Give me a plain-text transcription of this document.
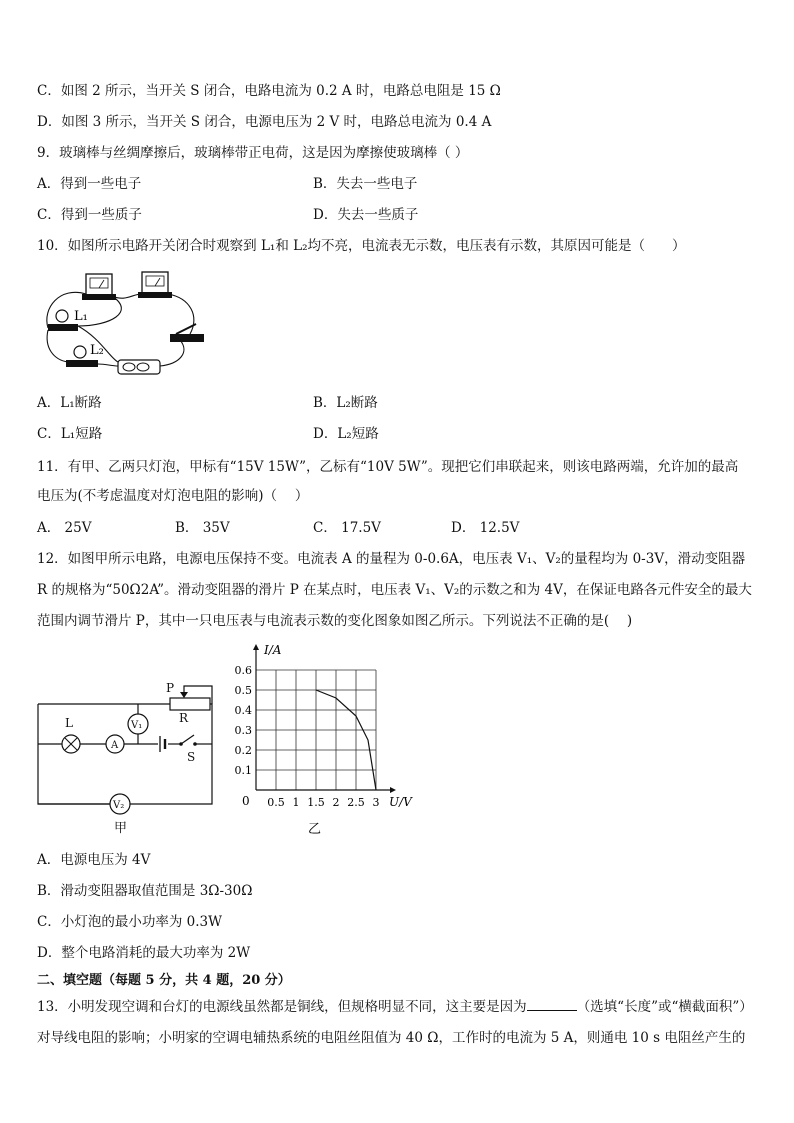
C．如图 2 所示，当开关 S 闭合，电路电流为 0.2 A 时，电路总电阻是 15 Ω
D．如图 3 所示，当开关 S 闭合，电源电压为 2 V 时，电路总电流为 0.4 A
9．玻璃棒与丝绸摩擦后，玻璃棒带正电荷，这是因为摩擦使玻璃棒（ ）
A．得到一些电子	B．失去一些电子
C．得到一些质子	D．失去一些质子
10．如图所示电路开关闭合时观察到 L₁和 L₂均不亮，电流表无示数，电压表有示数，其原因可能是（　　）
L₁
L₂
A．L₁断路	B．L₂断路
C．L₁短路	D．L₂短路
11．有甲、乙两只灯泡，甲标有“15V 15W”，乙标有“10V 5W”。现把它们串联起来，则该电路两端，允许加的最高
电压为(不考虑温度对灯泡电阻的影响)（　 ）
A． 25V	B． 35V	C． 17.5V	D． 12.5V
12．如图甲所示电路，电源电压保持不变。电流表 A 的量程为 0-0.6A，电压表 V₁、V₂的量程均为 0-3V，滑动变阻器
R 的规格为“50Ω2A”。滑动变阻器的滑片 P 在某点时，电压表 V₁、V₂的示数之和为 4V，在保证电路各元件安全的最大
范围内调节滑片 P，其中一只电压表与电流表示数的变化图象如图乙所示。下列说法不正确的是(　 )
P
R
L
A
V₁
S
V₂
甲
0.5 1 1.5 2 2.5 3
0.1
0.2
0.3
0.4
0.5
0.6
I/A
U/V
0
乙
A．电源电压为 4V
B．滑动变阻器取值范围是 3Ω-30Ω
C．小灯泡的最小功率为 0.3W
D．整个电路消耗的最大功率为 2W
二、填空题（每题 5 分，共 4 题，20 分）
13．小明发现空调和台灯的电源线虽然都是铜线，但规格明显不同，这主要是因为	（选填“长度”或“横截面积”）
对导线电阻的影响；小明家的空调电辅热系统的电阻丝阻值为 40 Ω，工作时的电流为 5 A，则通电 10 s 电阻丝产生的
